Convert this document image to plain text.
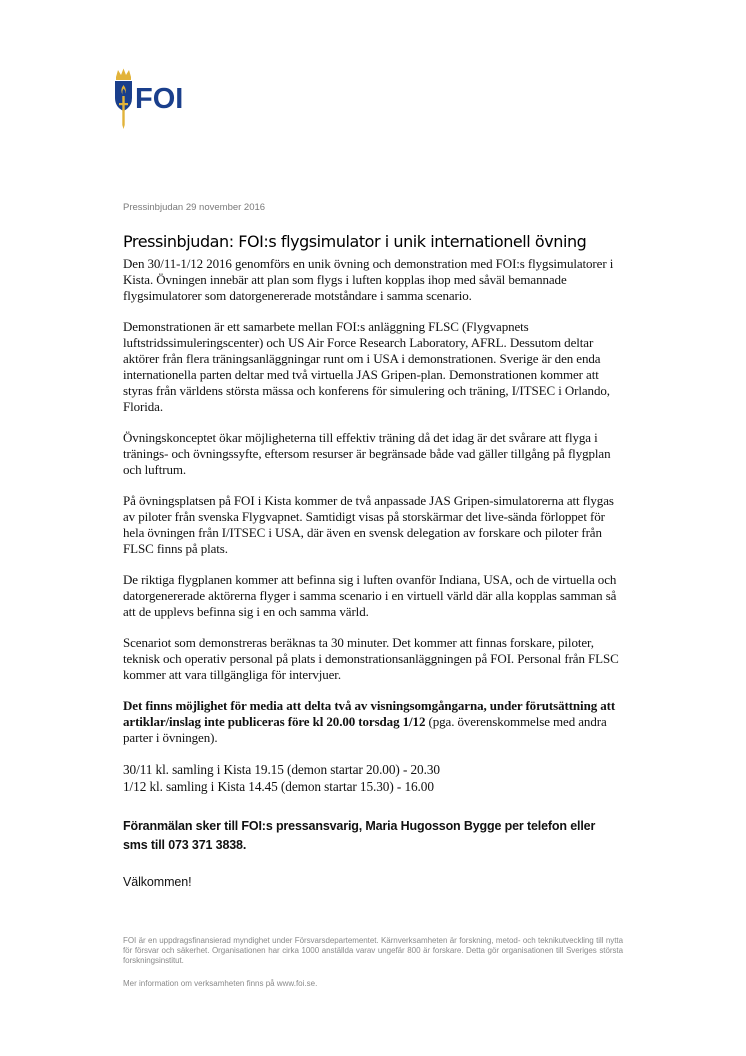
FOI
Pressinbjudan 29 november 2016
Pressinbjudan: FOI:s flygsimulator i unik internationell övning

Den 30/11-1/12 2016 genomförs en unik övning och demonstration med FOI:s flygsimulatorer i Kista. Övningen innebär att plan som flygs i luften kopplas ihop med såväl bemannade flygsimulatorer som datorgenererade motståndare i samma scenario.

Demonstrationen är ett samarbete mellan FOI:s anläggning FLSC (Flygvapnets luftstridssimuleringscenter) och US Air Force Research Laboratory, AFRL. Dessutom deltar aktörer från flera träningsanläggningar runt om i USA i demonstrationen. Sverige är den enda internationella parten deltar med två virtuella JAS Gripen-plan. Demonstrationen kommer att styras från världens största mässa och konferens för simulering och träning, I/ITSEC i Orlando, Florida.

Övningskonceptet ökar möjligheterna till effektiv träning då det idag är det svårare att flyga i tränings- och övningssyfte, eftersom resurser är begränsade både vad gäller tillgång på flygplan och luftrum.

På övningsplatsen på FOI i Kista kommer de två anpassade JAS Gripen-simulatorerna att flygas av piloter från svenska Flygvapnet. Samtidigt visas på storskärmar det live-sända förloppet för hela övningen från I/ITSEC i USA, där även en svensk delegation av forskare och piloter från FLSC finns på plats.

De riktiga flygplanen kommer att befinna sig i luften ovanför Indiana, USA, och de virtuella och datorgenererade aktörerna flyger i samma scenario i en virtuell värld där alla kopplas samman så att de upplevs befinna sig i en och samma värld.

Scenariot som demonstreras beräknas ta 30 minuter. Det kommer att finnas forskare, piloter, teknisk och operativ personal på plats i demonstrationsanläggningen på FOI. Personal från FLSC kommer att vara tillgängliga för intervjuer.

Det finns möjlighet för media att delta två av visningsomgångarna, under förutsättning att artiklar/inslag inte publiceras före kl 20.00 torsdag 1/12 (pga. överenskommelse med andra parter i övningen).

30/11 kl. samling i Kista 19.15 (demon startar 20.00) - 20.30

1/12 kl. samling i Kista 14.45 (demon startar 15.30) - 16.00

Föranmälan sker till FOI:s pressansvarig, Maria Hugosson Bygge per telefon eller sms till 073 371 3838.

Välkommen!

FOI är en uppdragsfinansierad myndighet under Försvarsdepartementet. Kärnverksamheten är forskning, metod- och teknikutveckling till nytta för försvar och säkerhet. Organisationen har cirka 1000 anställda varav ungefär 800 är forskare. Detta gör organisationen till Sveriges största forskningsinstitut.

Mer information om verksamheten finns på www.foi.se.
